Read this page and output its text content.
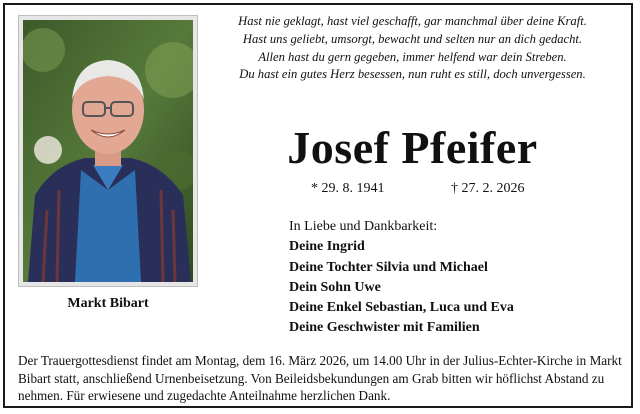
Markt Bibart
Hast nie geklagt, hast viel geschafft, gar manchmal über deine Kraft.
Hast uns geliebt, umsorgt, bewacht und selten nur an dich gedacht.
Allen hast du gern gegeben, immer helfend war dein Streben.
Du hast ein gutes Herz besessen, nun ruht es still, doch unvergessen.
Josef Pfeifer
* 29. 8. 1941	† 27. 2. 2026
In Liebe und Dankbarkeit:
Deine Ingrid
Deine Tochter Silvia und Michael
Dein Sohn Uwe
Deine Enkel Sebastian, Luca und Eva
Deine Geschwister mit Familien
Der Trauergottesdienst findet am Montag, dem 16. März 2026, um 14.00 Uhr in der Julius-Echter-Kirche in Markt Bibart statt, anschließend Urnenbeisetzung. Von Beileidsbekundungen am Grab bitten wir höflichst Abstand zu nehmen. Für erwiesene und zugedachte Anteilnahme herzlichen Dank.
